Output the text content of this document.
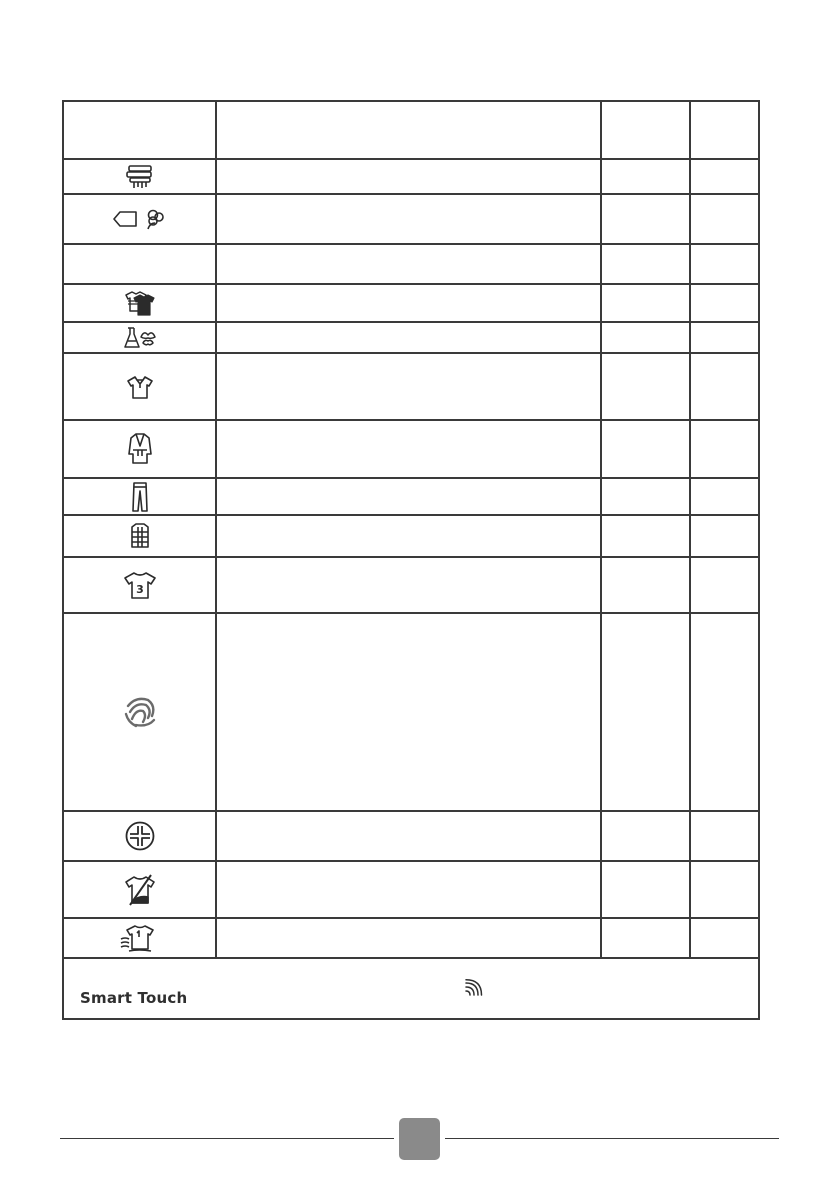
3			

Smart Touch			
